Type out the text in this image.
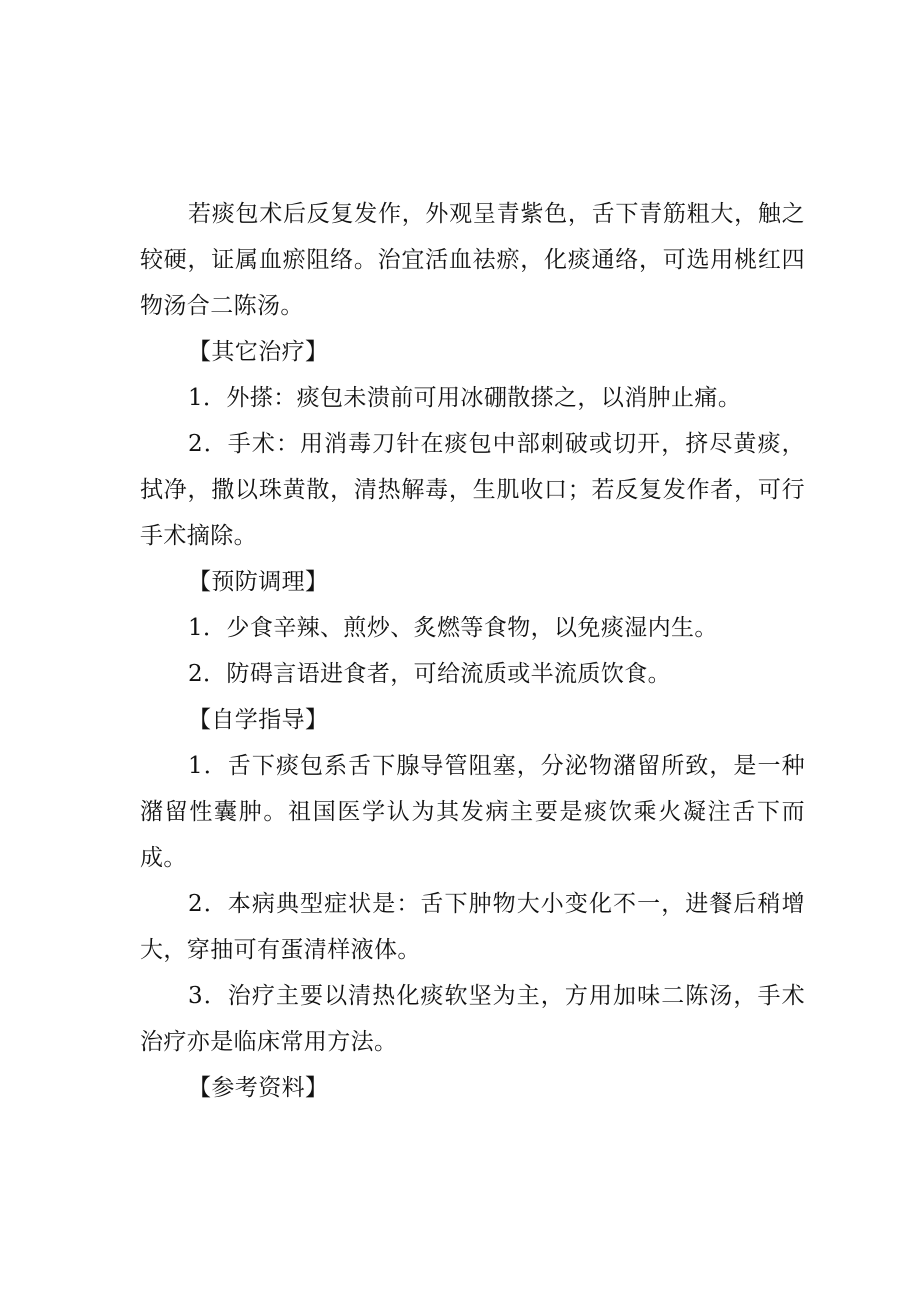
若痰包术后反复发作，外观呈青紫色，舌下青筋粗大，触之较硬，证属血瘀阻络。治宜活血祛瘀，化痰通络，可选用桃红四物汤合二陈汤。

【其它治疗】

1．外搽：痰包未溃前可用冰硼散搽之，以消肿止痛。

2．手术：用消毒刀针在痰包中部刺破或切开，挤尽黄痰，拭净，撒以珠黄散，清热解毒，生肌收口；若反复发作者，可行手术摘除。

【预防调理】

1．少食辛辣、煎炒、炙燃等食物，以免痰湿内生。

2．防碍言语进食者，可给流质或半流质饮食。

【自学指导】

1．舌下痰包系舌下腺导管阻塞，分泌物潴留所致，是一种潴留性囊肿。祖国医学认为其发病主要是痰饮乘火凝注舌下而成。

2．本病典型症状是：舌下肿物大小变化不一，进餐后稍增大，穿抽可有蛋清样液体。

3．治疗主要以清热化痰软坚为主，方用加味二陈汤，手术治疗亦是临床常用方法。

【参考资料】
